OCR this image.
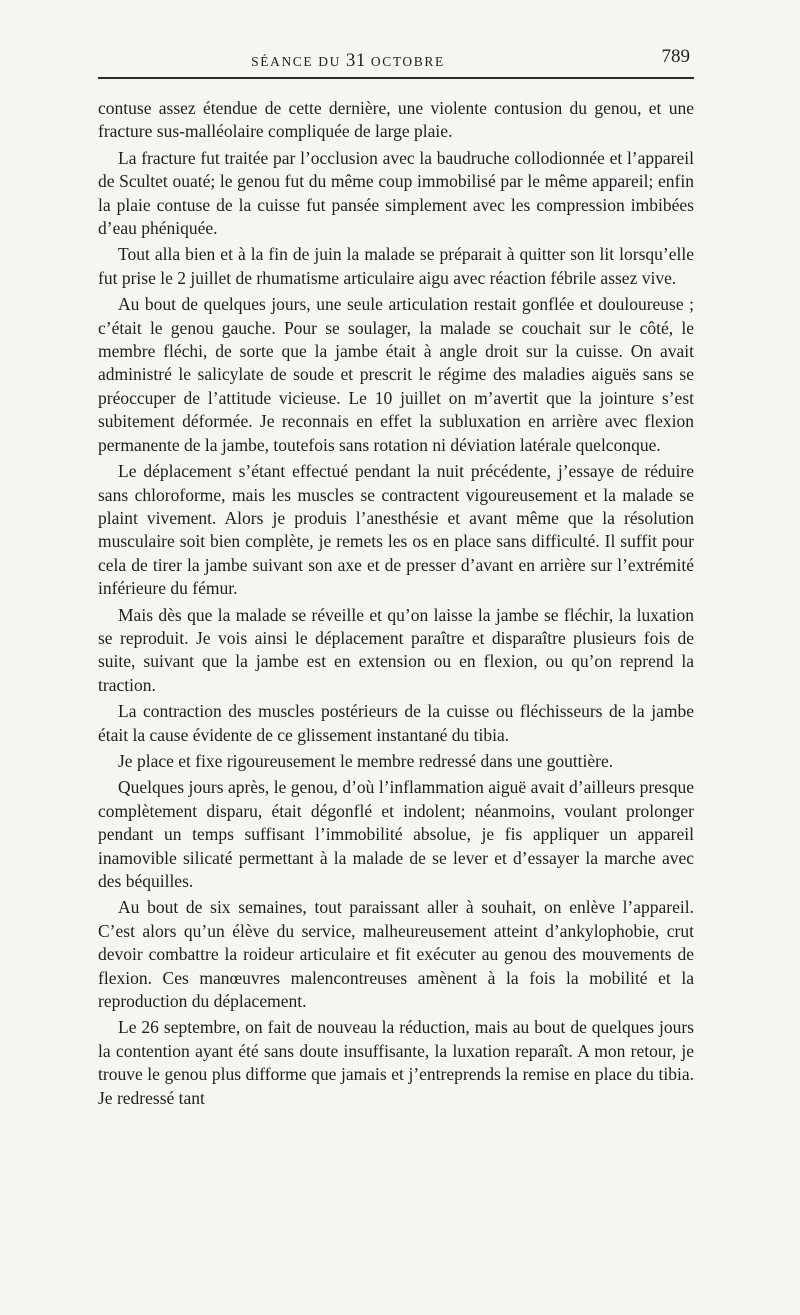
SÉANCE DU 31 OCTOBRE	789

contuse assez étendue de cette dernière, une violente contusion du genou, et une fracture sus-malléolaire compliquée de large plaie.

La fracture fut traitée par l’occlusion avec la baudruche collodionnée et l’appareil de Scultet ouaté; le genou fut du même coup immobilisé par le même appareil; enfin la plaie contuse de la cuisse fut pansée simplement avec les compression imbibées d’eau phéniquée.

Tout alla bien et à la fin de juin la malade se préparait à quitter son lit lorsqu’elle fut prise le 2 juillet de rhumatisme articulaire aigu avec réaction fébrile assez vive.

Au bout de quelques jours, une seule articulation restait gonflée et douloureuse ; c’était le genou gauche. Pour se soulager, la malade se couchait sur le côté, le membre fléchi, de sorte que la jambe était à angle droit sur la cuisse. On avait administré le salicylate de soude et prescrit le régime des maladies aiguës sans se préoccuper de l’attitude vicieuse. Le 10 juillet on m’avertit que la jointure s’est subitement déformée. Je reconnais en effet la subluxation en arrière avec flexion permanente de la jambe, toutefois sans rotation ni déviation latérale quelconque.

Le déplacement s’étant effectué pendant la nuit précédente, j’essaye de réduire sans chloroforme, mais les muscles se contractent vigoureusement et la malade se plaint vivement. Alors je produis l’anesthésie et avant même que la résolution musculaire soit bien complète, je remets les os en place sans difficulté. Il suffit pour cela de tirer la jambe suivant son axe et de presser d’avant en arrière sur l’extrémité inférieure du fémur.

Mais dès que la malade se réveille et qu’on laisse la jambe se fléchir, la luxation se reproduit. Je vois ainsi le déplacement paraître et disparaître plusieurs fois de suite, suivant que la jambe est en extension ou en flexion, ou qu’on reprend la traction.

La contraction des muscles postérieurs de la cuisse ou fléchisseurs de la jambe était la cause évidente de ce glissement instantané du tibia.

Je place et fixe rigoureusement le membre redressé dans une gouttière.

Quelques jours après, le genou, d’où l’inflammation aiguë avait d’ailleurs presque complètement disparu, était dégonflé et indolent; néanmoins, voulant prolonger pendant un temps suffisant l’immobilité absolue, je fis appliquer un appareil inamovible silicaté permettant à la malade de se lever et d’essayer la marche avec des béquilles.

Au bout de six semaines, tout paraissant aller à souhait, on enlève l’appareil. C’est alors qu’un élève du service, malheureusement atteint d’ankylophobie, crut devoir combattre la roideur articulaire et fit exécuter au genou des mouvements de flexion. Ces manœuvres malencontreuses amènent à la fois la mobilité et la reproduction du déplacement.

Le 26 septembre, on fait de nouveau la réduction, mais au bout de quelques jours la contention ayant été sans doute insuffisante, la luxation reparaît. A mon retour, je trouve le genou plus difforme que jamais et j’entreprends la remise en place du tibia. Je redressé tant
